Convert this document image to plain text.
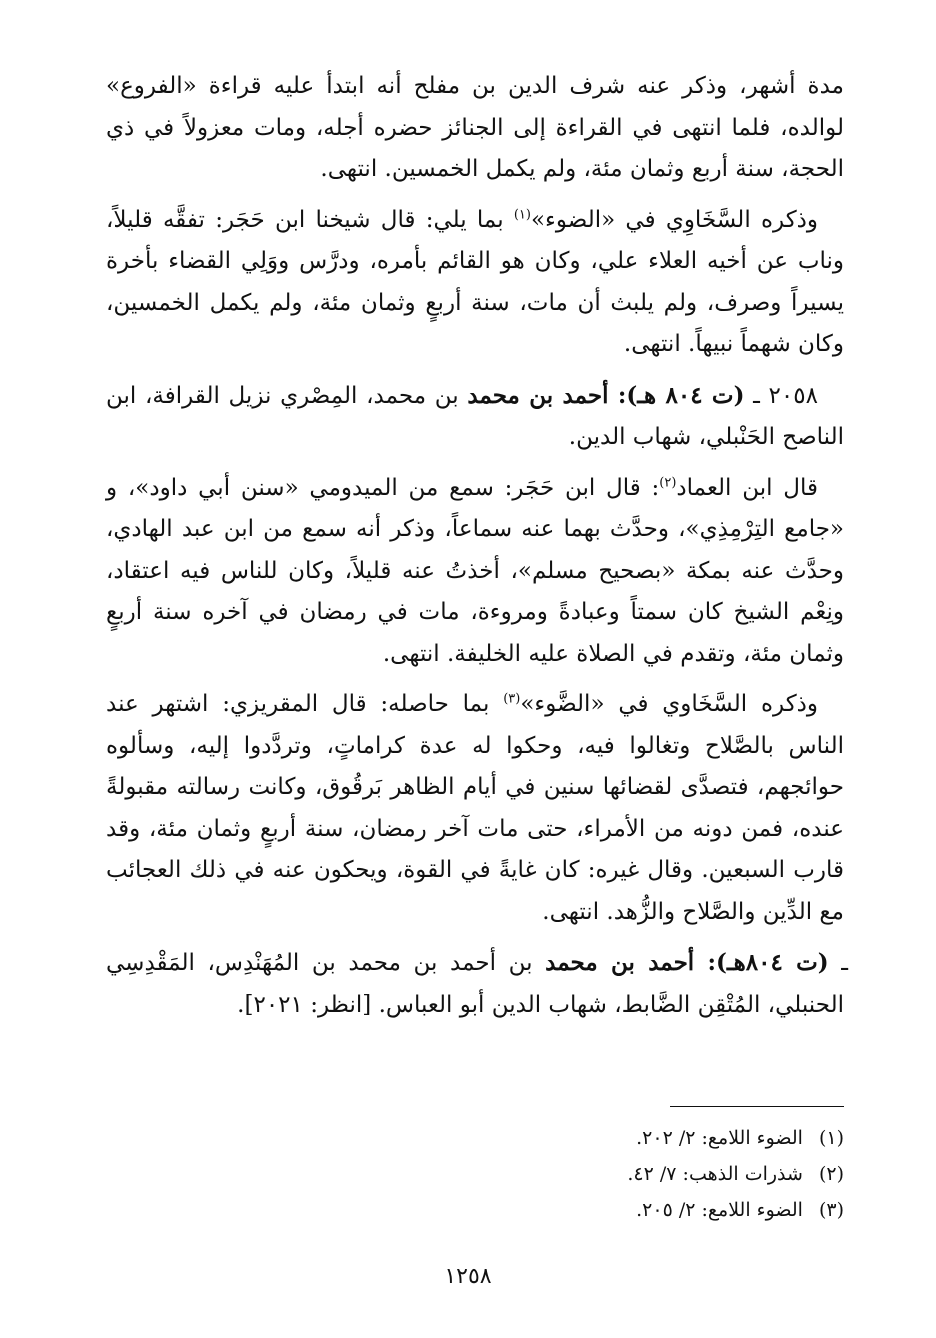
مدة أشهر، وذكر عنه شرف الدين بن مفلح أنه ابتدأ عليه قراءة «الفروع» لوالده، فلما انتهى في القراءة إلى الجنائز حضره أجله، ومات معزولاً في ذي الحجة، سنة أربع وثمان مئة، ولم يكمل الخمسين. انتهى.

وذكره السَّخَاوِي في «الضوء»$^{(١)}$ بما يلي: قال شيخنا ابن حَجَر: تفقَّه قليلاً، وناب عن أخيه العلاء علي، وكان هو القائم بأمره، ودرَّس ووَلِي القضاء بأخرة يسيراً وصرف، ولم يلبث أن مات، سنة أربعٍ وثمان مئة، ولم يكمل الخمسين، وكان شهماً نبيهاً. انتهى.

٢٠٥٨ ـ (ت ٨٠٤ هـ): أحمد بن محمد بن محمد، المِصْري نزيل القرافة، ابن الناصح الحَنْبلي، شهاب الدين.

قال ابن العماد$^{(٢)}$: قال ابن حَجَر: سمع من الميدومي «سنن أبي داود»، و «جامع التِرْمِذِي»، وحدَّث بهما عنه سماعاً، وذكر أنه سمع من ابن عبد الهادي، وحدَّث عنه بمكة «بصحيح مسلم»، أخذتُ عنه قليلاً، وكان للناس فيه اعتقاد، ونِعْم الشيخ كان سمتاً وعبادةً ومروءة، مات في رمضان في آخره سنة أربعٍ وثمان مئة، وتقدم في الصلاة عليه الخليفة. انتهى.

وذكره السَّخَاوي في «الضَّوء»$^{(٣)}$ بما حاصله: قال المقريزي: اشتهر عند الناس بالصَّلاح وتغالوا فيه، وحكوا له عدة كراماتٍ، وتردَّدوا إليه، وسألوه حوائجهم، فتصدَّى لقضائها سنين في أيام الظاهر بَرقُوق، وكانت رسالته مقبولةً عنده، فمن دونه من الأمراء، حتى مات آخر رمضان، سنة أربعٍ وثمان مئة، وقد قارب السبعين. وقال غيره: كان غايةً في القوة، ويحكون عنه في ذلك العجائب مع الدِّين والصَّلاح والزُّهد. انتهى.

ـ (ت ٨٠٤هـ): أحمد بن محمد بن أحمد بن محمد بن المُهَنْدِس، المَقْدِسِي الحنبلي، المُتْقِن الضَّابط، شهاب الدين أبو العباس. [انظر: ٢٠٢١].

(١)الضوء اللامع: ٢/ ٢٠٢.

(٢)شذرات الذهب: ٧/ ٤٢.

(٣)الضوء اللامع: ٢/ ٢٠٥.

١٢٥٨
